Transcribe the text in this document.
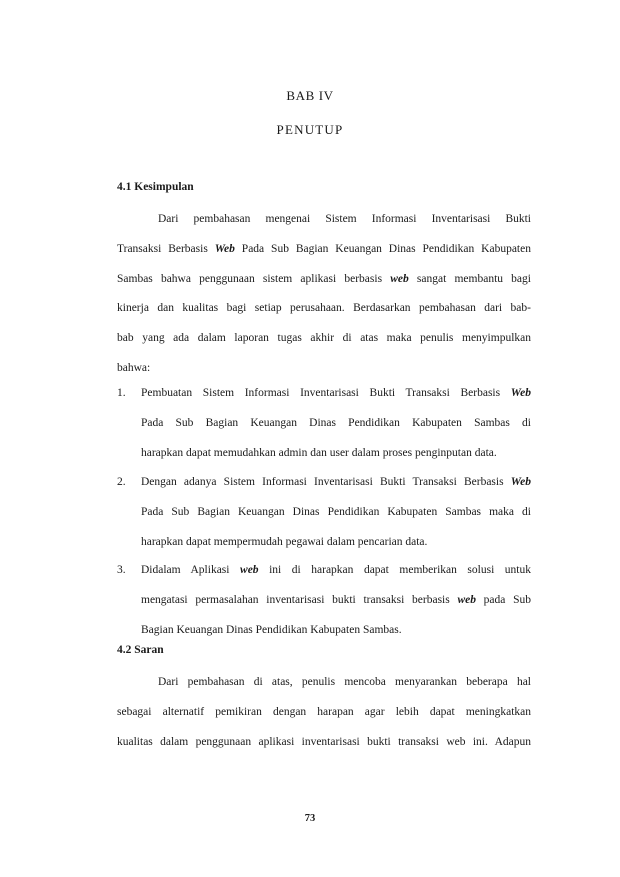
BAB IV
PENUTUP
4.1 Kesimpulan
Dari pembahasan mengenai Sistem Informasi Inventarisasi Bukti
Transaksi Berbasis Web Pada Sub Bagian Keuangan Dinas Pendidikan Kabupaten
Sambas bahwa penggunaan sistem aplikasi berbasis web sangat membantu bagi
kinerja dan kualitas bagi setiap perusahaan. Berdasarkan pembahasan dari bab-
bab yang ada dalam laporan tugas akhir di atas maka penulis menyimpulkan
bahwa:
1. Pembuatan Sistem Informasi Inventarisasi Bukti Transaksi Berbasis Web
Pada Sub Bagian Keuangan Dinas Pendidikan Kabupaten Sambas di
harapkan dapat memudahkan admin dan user dalam proses penginputan data.
2. Dengan adanya Sistem Informasi Inventarisasi Bukti Transaksi Berbasis Web
Pada Sub Bagian Keuangan Dinas Pendidikan Kabupaten Sambas maka di
harapkan dapat mempermudah pegawai dalam pencarian data.
3. Didalam Aplikasi web ini di harapkan dapat memberikan solusi untuk
mengatasi permasalahan inventarisasi bukti transaksi berbasis web pada Sub
Bagian Keuangan Dinas Pendidikan Kabupaten Sambas.
4.2 Saran
Dari pembahasan di atas, penulis mencoba menyarankan beberapa hal
sebagai alternatif pemikiran dengan harapan agar lebih dapat meningkatkan
kualitas dalam penggunaan aplikasi inventarisasi bukti transaksi web ini. Adapun
73
